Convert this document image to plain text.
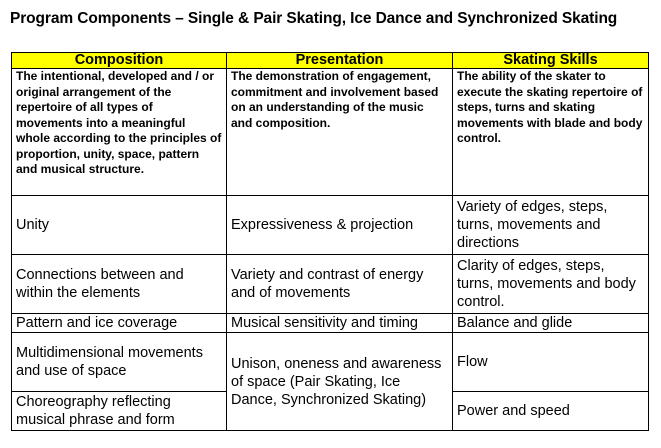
Program Components – Single & Pair Skating, Ice Dance and Synchronized Skating
Composition	Presentation	Skating Skills
The intentional, developed and / or original arrangement of the repertoire of all types of movements into a meaningful whole according to the principles of proportion, unity, space, pattern and musical structure.	The demonstration of engagement, commitment and involvement based on an understanding of the music and composition.	The ability of the skater to execute the skating repertoire of steps, turns and skating movements with blade and body control.
Unity	Expressiveness & projection	Variety of edges, steps, turns, movements and directions
Connections between and within the elements	Variety and contrast of energy and of movements	Clarity of edges, steps, turns, movements and body control.
Pattern and ice coverage	Musical sensitivity and timing	Balance and glide
Multidimensional movements and use of space	Unison, oneness and awareness of space (Pair Skating, Ice Dance, Synchronized Skating)	Flow
Choreography reflecting musical phrase and form		Power and speed
